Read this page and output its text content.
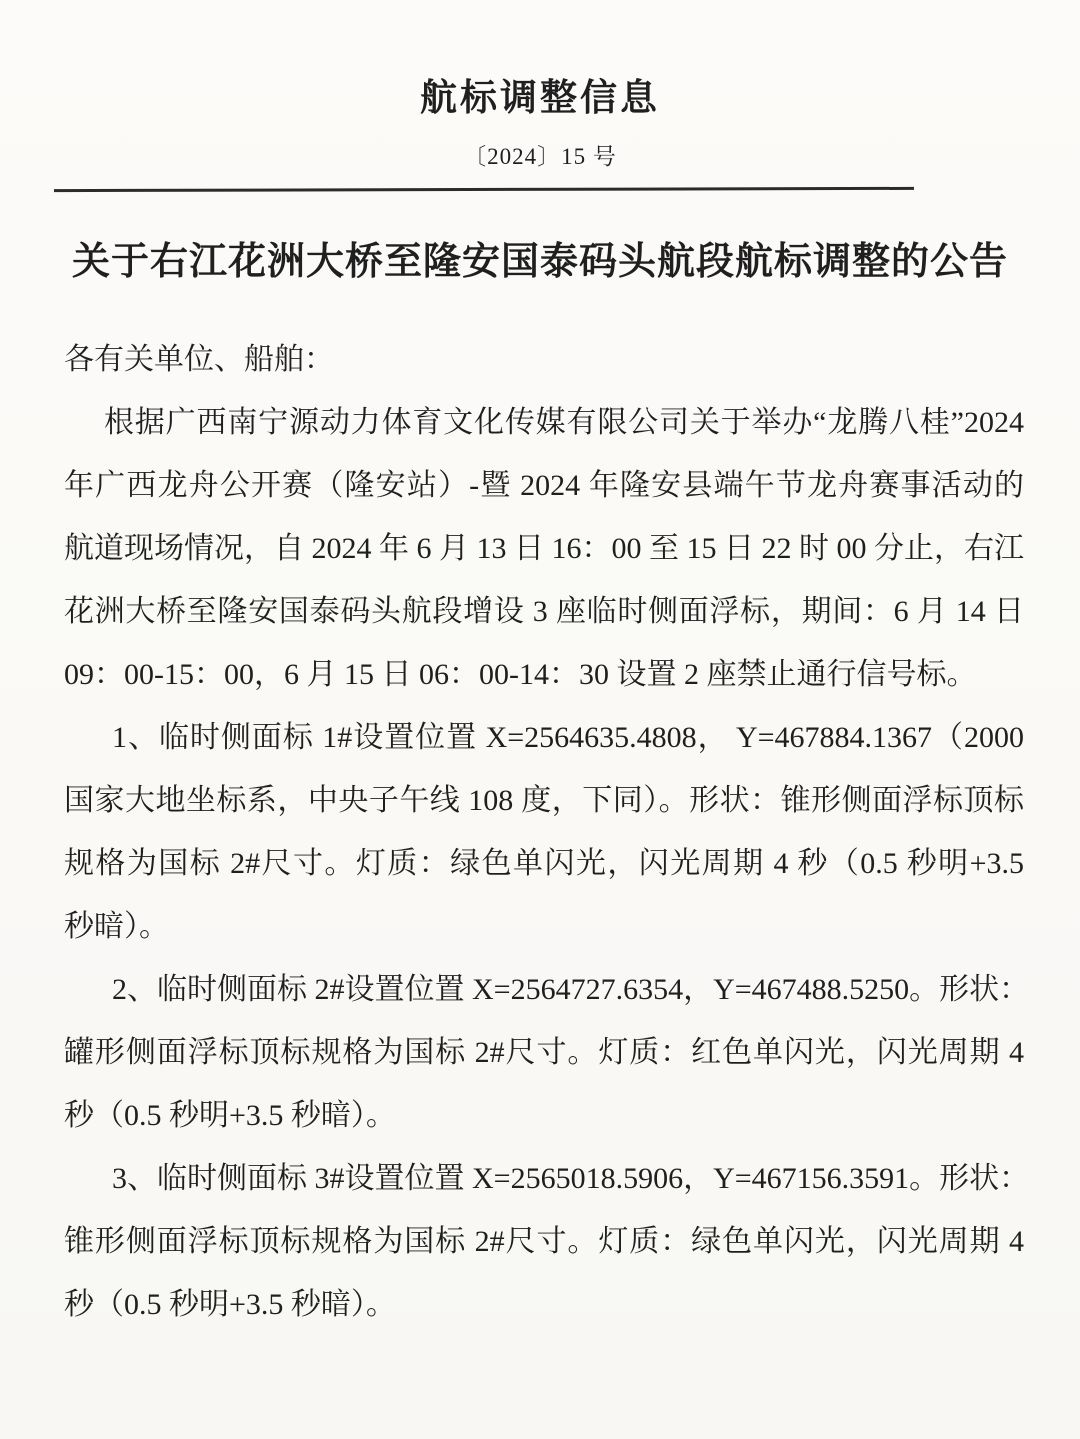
航标调整信息
〔2024〕15 号
关于右江花洲大桥至隆安国泰码头航段航标调整的公告
各有关单位、船舶：
根据广西南宁源动力体育文化传媒有限公司关于举办“龙腾八桂”2024
年广西龙舟公开赛（隆安站）-暨 2024 年隆安县端午节龙舟赛事活动的
航道现场情况，自 2024 年 6 月 13 日 16：00 至 15 日 22 时 00 分止，右江
花洲大桥至隆安国泰码头航段增设 3 座临时侧面浮标，期间：6 月 14 日
09：00-15：00，6 月 15 日 06：00-14：30 设置 2 座禁止通行信号标。
1、临时侧面标 1#设置位置 X=2564635.4808， Y=467884.1367（2000
国家大地坐标系，中央子午线 108 度，下同）。形状：锥形侧面浮标顶标
规格为国标 2#尺寸。灯质：绿色单闪光，闪光周期 4 秒（0.5 秒明+3.5
秒暗）。
2、临时侧面标 2#设置位置 X=2564727.6354，Y=467488.5250。形状：
罐形侧面浮标顶标规格为国标 2#尺寸。灯质：红色单闪光，闪光周期 4
秒（0.5 秒明+3.5 秒暗）。
3、临时侧面标 3#设置位置 X=2565018.5906，Y=467156.3591。形状：
锥形侧面浮标顶标规格为国标 2#尺寸。灯质：绿色单闪光，闪光周期 4
秒（0.5 秒明+3.5 秒暗）。
